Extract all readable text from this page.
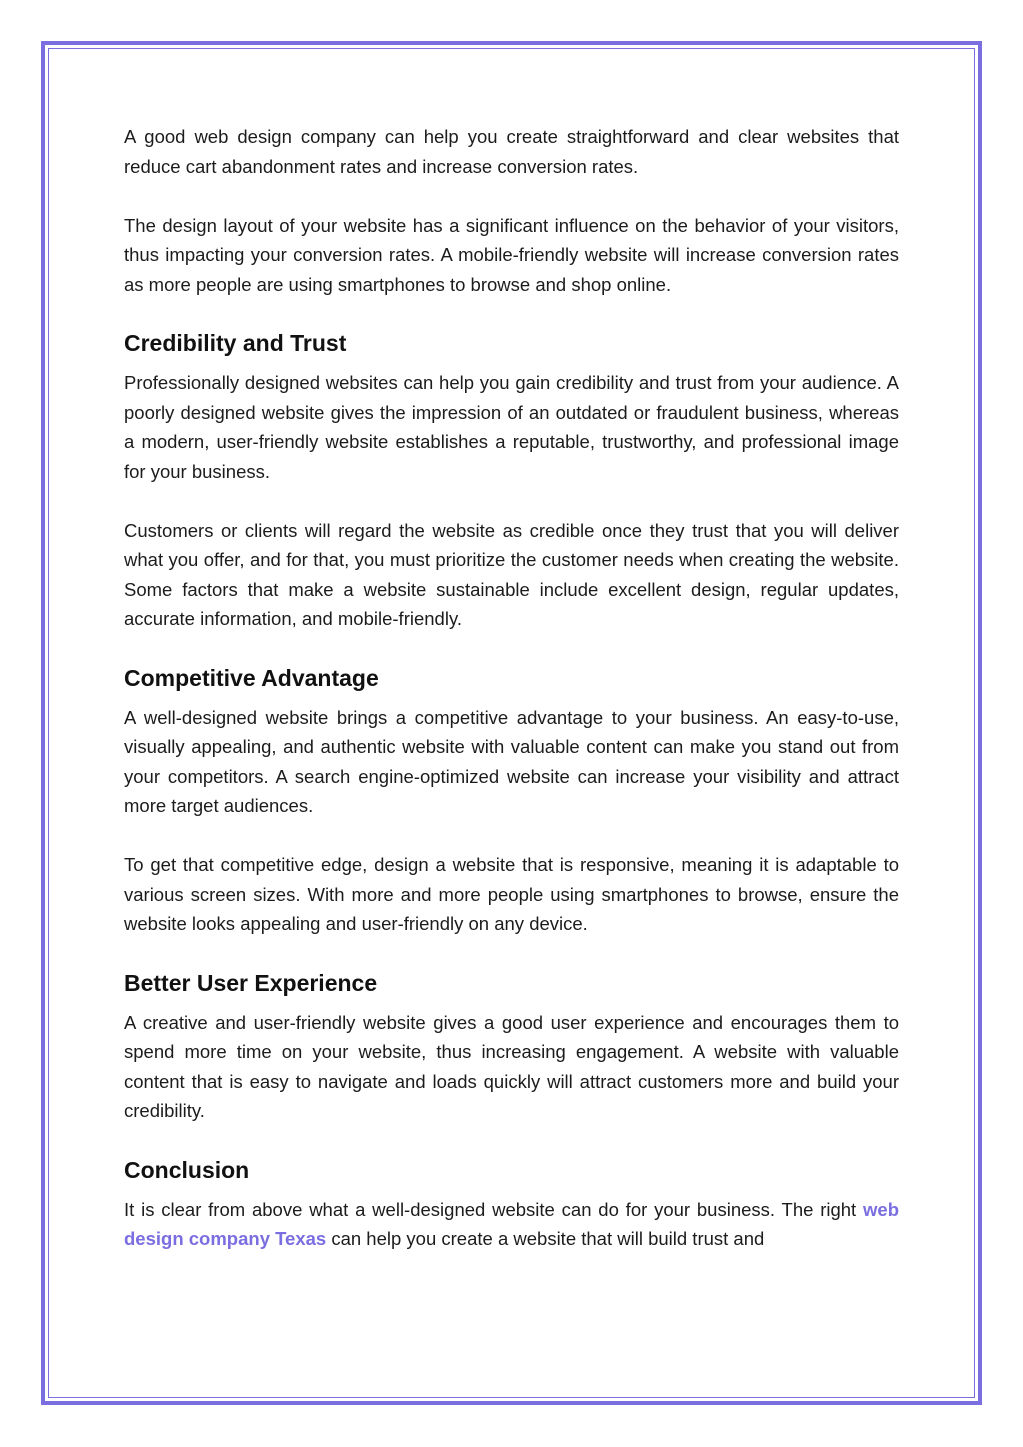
A good web design company can help you create straightforward and clear websites that reduce cart abandonment rates and increase conversion rates.

The design layout of your website has a significant influence on the behavior of your visitors, thus impacting your conversion rates. A mobile-friendly website will increase conversion rates as more people are using smartphones to browse and shop online.

Credibility and Trust

Professionally designed websites can help you gain credibility and trust from your audience. A poorly designed website gives the impression of an outdated or fraudulent business, whereas a modern, user-friendly website establishes a reputable, trustworthy, and professional image for your business.

Customers or clients will regard the website as credible once they trust that you will deliver what you offer, and for that, you must prioritize the customer needs when creating the website. Some factors that make a website sustainable include excellent design, regular updates, accurate information, and mobile-friendly.

Competitive Advantage

A well-designed website brings a competitive advantage to your business. An easy-to-use, visually appealing, and authentic website with valuable content can make you stand out from your competitors. A search engine-optimized website can increase your visibility and attract more target audiences.

To get that competitive edge, design a website that is responsive, meaning it is adaptable to various screen sizes. With more and more people using smartphones to browse, ensure the website looks appealing and user-friendly on any device.

Better User Experience

A creative and user-friendly website gives a good user experience and encourages them to spend more time on your website, thus increasing engagement. A website with valuable content that is easy to navigate and loads quickly will attract customers more and build your credibility.

Conclusion

It is clear from above what a well-designed website can do for your business. The right web design company Texas can help you create a website that will build trust and
